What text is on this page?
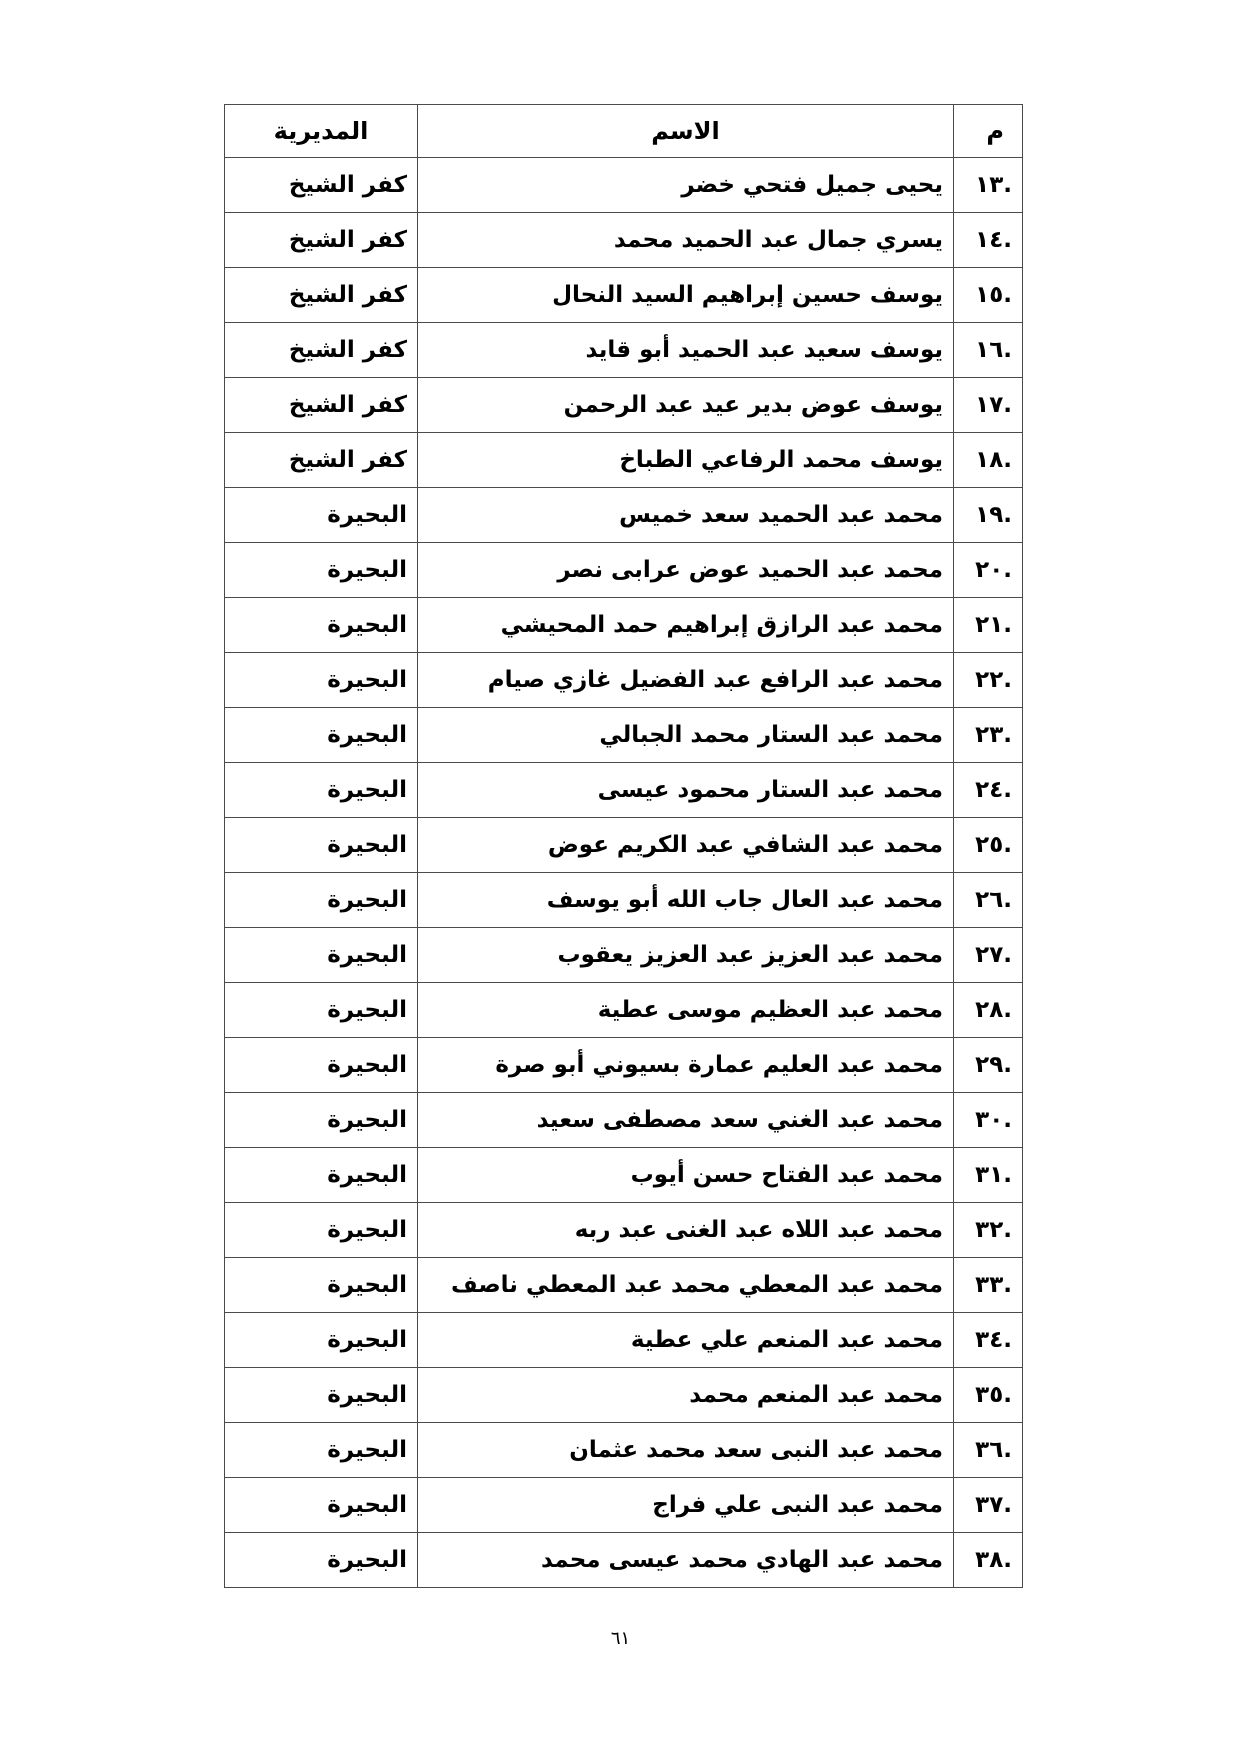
م	الاسم	المديرية
.١٣	يحيى جميل فتحي خضر	كفر الشيخ
.١٤	يسري جمال عبد الحميد محمد	كفر الشيخ
.١٥	يوسف حسين إبراهيم السيد النحال	كفر الشيخ
.١٦	يوسف سعيد عبد الحميد أبو قايد	كفر الشيخ
.١٧	يوسف عوض بدير عيد عبد الرحمن	كفر الشيخ
.١٨	يوسف محمد الرفاعي الطباخ	كفر الشيخ
.١٩	محمد عبد الحميد سعد خميس	البحيرة
.٢٠	محمد عبد الحميد عوض عرابى نصر	البحيرة
.٢١	محمد عبد الرازق إبراهيم حمد المحيشي	البحيرة
.٢٢	محمد عبد الرافع عبد الفضيل غازي صيام	البحيرة
.٢٣	محمد عبد الستار محمد الجبالي	البحيرة
.٢٤	محمد عبد الستار محمود عيسى	البحيرة
.٢٥	محمد عبد الشافي عبد الكريم عوض	البحيرة
.٢٦	محمد عبد العال جاب الله أبو يوسف	البحيرة
.٢٧	محمد عبد العزيز عبد العزيز يعقوب	البحيرة
.٢٨	محمد عبد العظيم موسى عطية	البحيرة
.٢٩	محمد عبد العليم عمارة بسيوني أبو صرة	البحيرة
.٣٠	محمد عبد الغني سعد مصطفى سعيد	البحيرة
.٣١	محمد عبد الفتاح حسن أيوب	البحيرة
.٣٢	محمد عبد اللاه عبد الغنى عبد ربه	البحيرة
.٣٣	محمد عبد المعطي محمد عبد المعطي ناصف	البحيرة
.٣٤	محمد عبد المنعم علي عطية	البحيرة
.٣٥	محمد عبد المنعم محمد	البحيرة
.٣٦	محمد عبد النبى سعد محمد عثمان	البحيرة
.٣٧	محمد عبد النبى علي فراج	البحيرة
.٣٨	محمد عبد الهادي محمد عيسى محمد	البحيرة
٦١
